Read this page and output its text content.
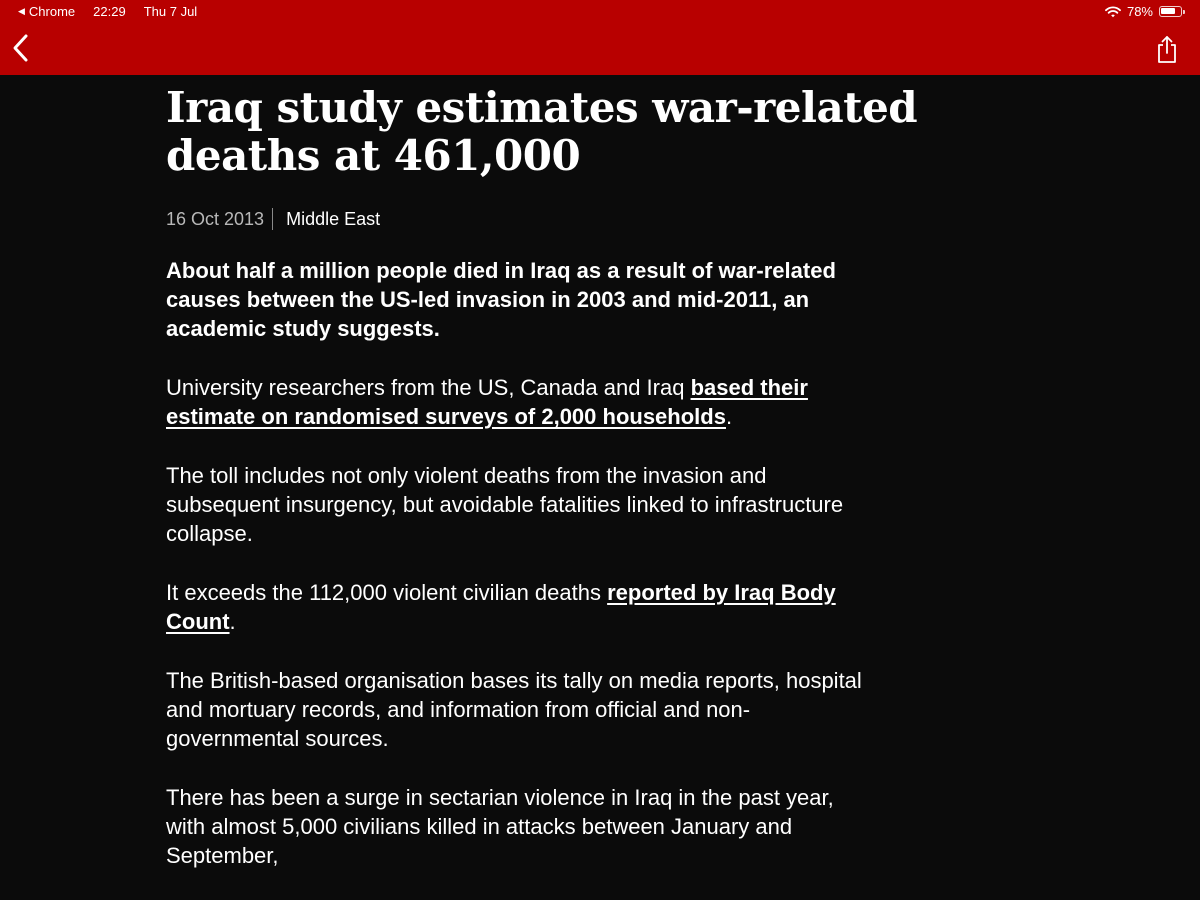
◀ Chrome 22:29 Thu 7 Jul	78%
Iraq study estimates war-related deaths at 461,000
16 Oct 2013 Middle East

About half a million people died in Iraq as a result of war-related causes between the US-led invasion in 2003 and mid-2011, an academic study suggests.

University researchers from the US, Canada and Iraq based their estimate on randomised surveys of 2,000 households.

The toll includes not only violent deaths from the invasion and subsequent insurgency, but avoidable fatalities linked to infrastructure collapse.

It exceeds the 112,000 violent civilian deaths reported by Iraq Body Count.

The British-based organisation bases its tally on media reports, hospital and mortuary records, and information from official and non-governmental sources.

There has been a surge in sectarian violence in Iraq in the past year, with almost 5,000 civilians killed in attacks between January and September,
